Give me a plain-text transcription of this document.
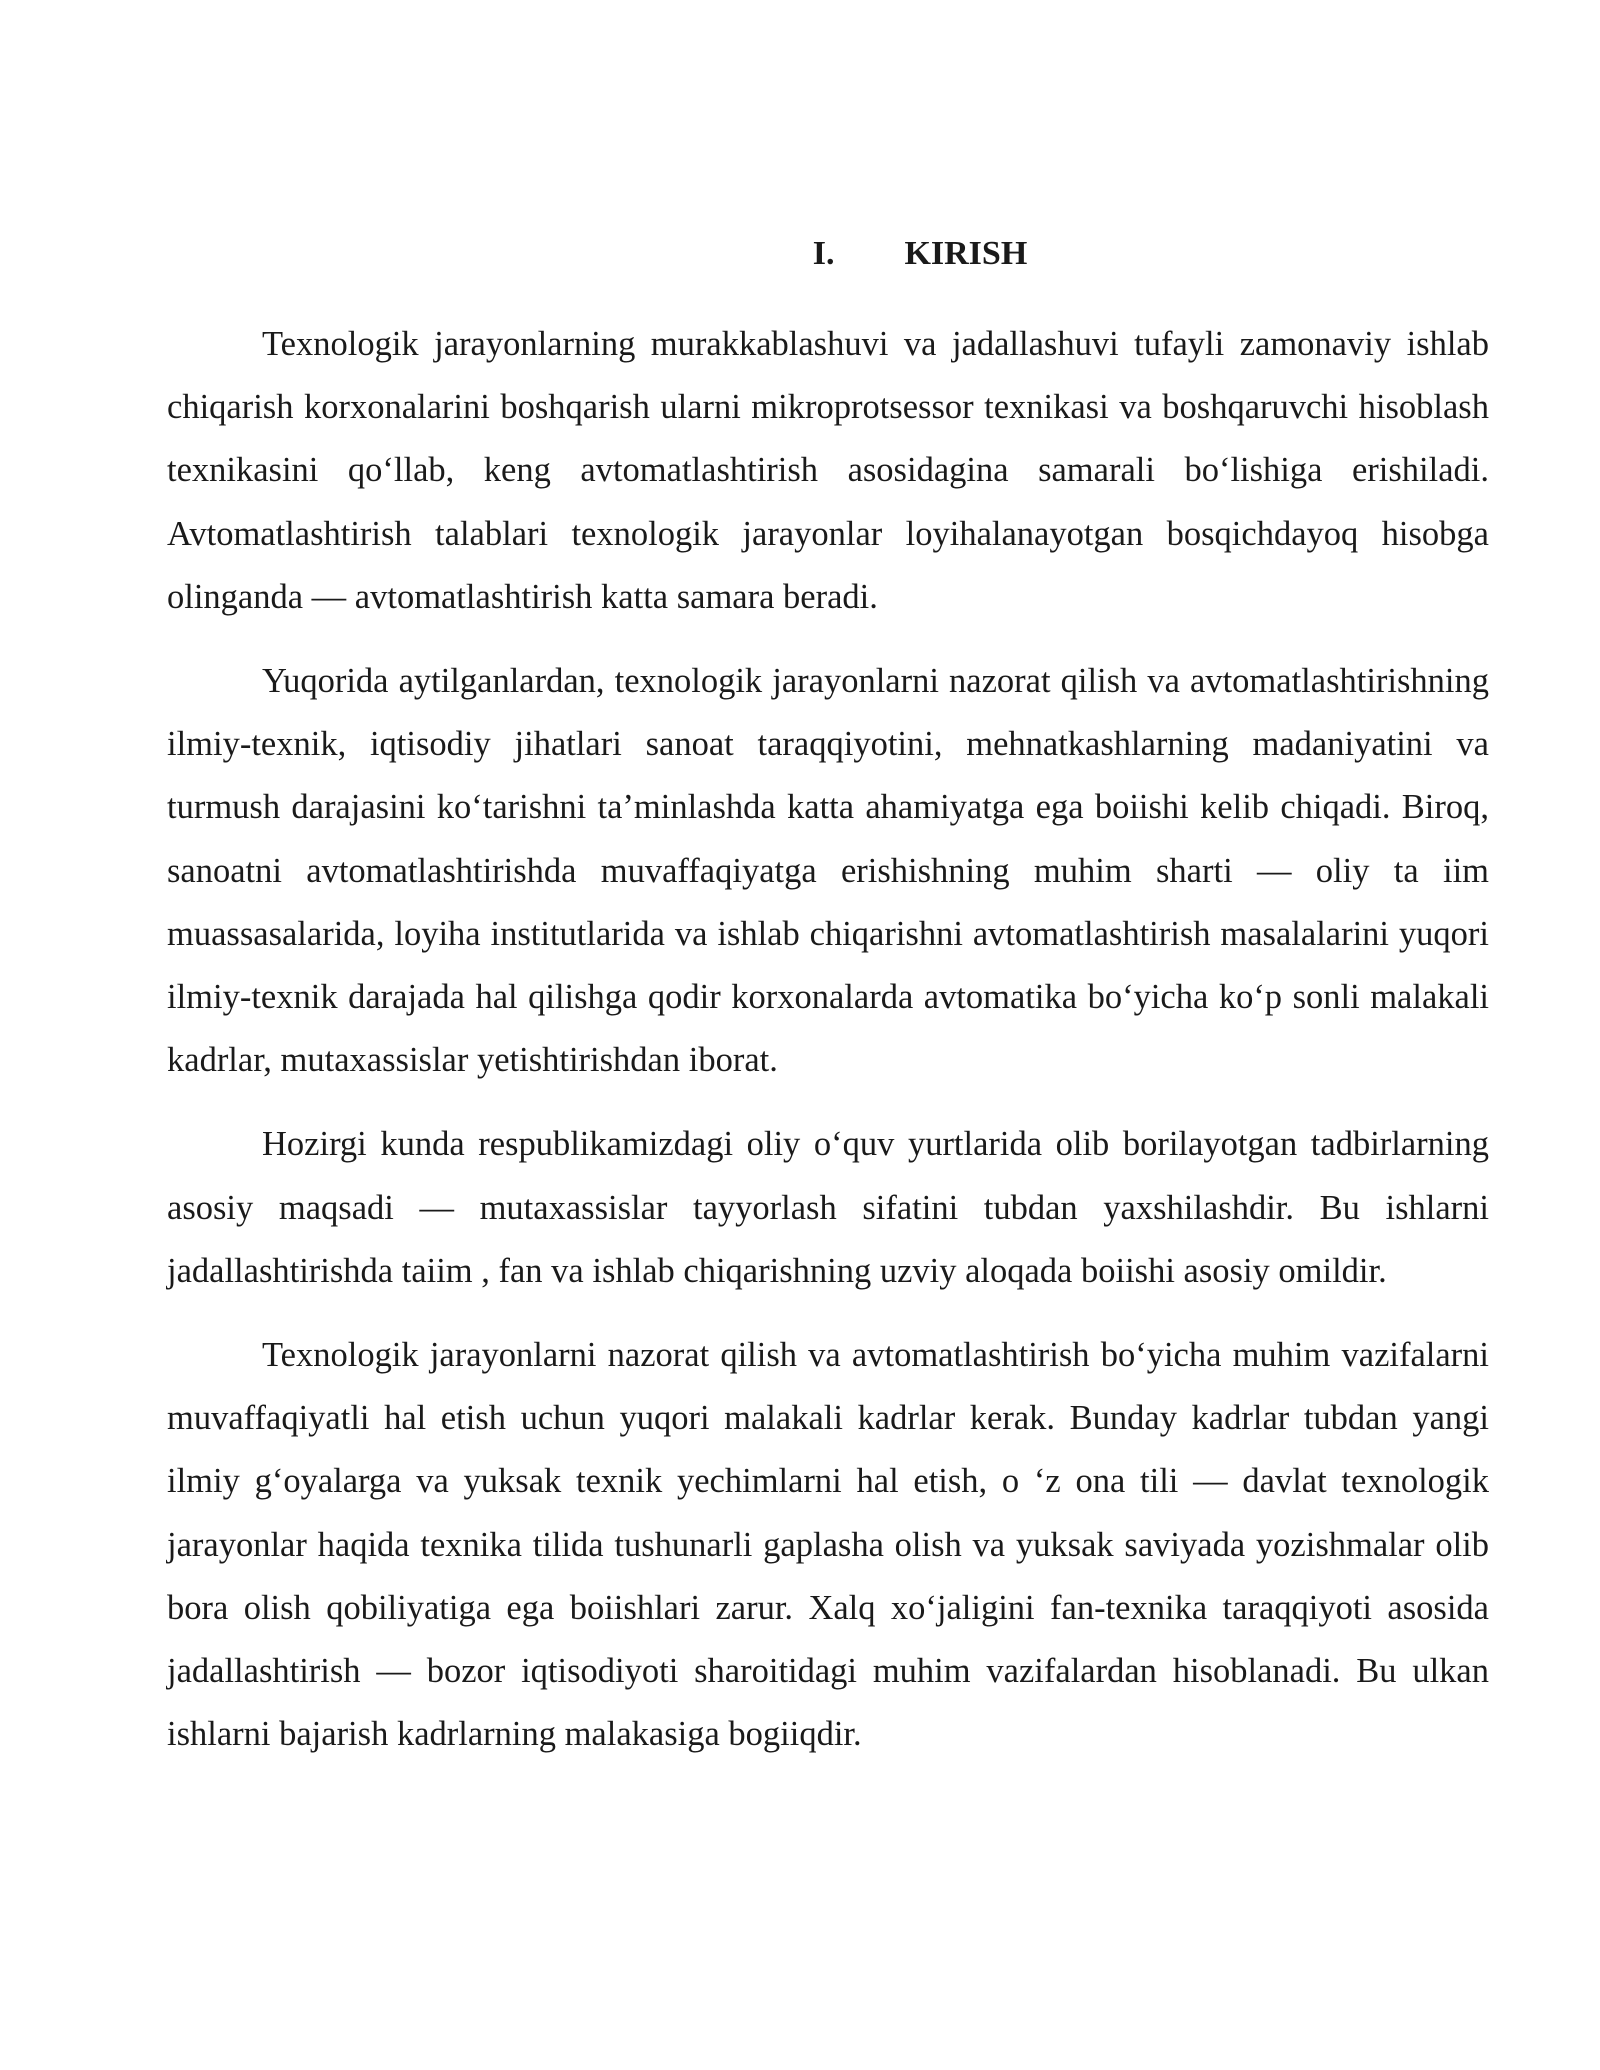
I. KIRISH

Texnologik jarayonlarning murakkablashuvi va jadallashuvi tufayli zamonaviy ishlab chiqarish korxonalarini boshqarish ularni mikroprotsessor texnikasi va boshqaruvchi hisoblash texnikasini qo‘llab, keng avtomatlashtirish asosidagina samarali bo‘lishiga erishiladi. Avtomatlashtirish talablari texnologik jarayonlar loyihalanayotgan bosqichdayoq hisobga olinganda — avtomatlashtirish katta samara beradi.

Yuqorida aytilganlardan, texnologik jarayonlarni nazorat qilish va avtomatlashtirishning ilmiy-texnik, iqtisodiy jihatlari sanoat taraqqiyotini, mehnatkashlarning madaniyatini va turmush darajasini ko‘tarishni ta’minlashda katta ahamiyatga ega boiishi kelib chiqadi. Biroq, sanoatni avtomatlashtirishda muvaffaqiyatga erishishning muhim sharti — oliy ta iim muassasalarida, loyiha institutlarida va ishlab chiqarishni avtomatlashtirish masalalarini yuqori ilmiy-texnik darajada hal qilishga qodir korxonalarda avtomatika bo‘yicha ko‘p sonli malakali kadrlar, mutaxassislar yetishtirishdan iborat.

Hozirgi kunda respublikamizdagi oliy o‘quv yurtlarida olib borilayotgan tadbirlarning asosiy maqsadi — mutaxassislar tayyorlash sifatini tubdan yaxshilashdir. Bu ishlarni jadallashtirishda taiim , fan va ishlab chiqarishning uzviy aloqada boiishi asosiy omildir.

Texnologik jarayonlarni nazorat qilish va avtomatlashtirish bo‘yicha muhim vazifalarni muvaffaqiyatli hal etish uchun yuqori malakali kadrlar kerak. Bunday kadrlar tubdan yangi ilmiy g‘oyalarga va yuksak texnik yechimlarni hal etish, o ‘z ona tili — davlat texnologik jarayonlar haqida texnika tilida tushunarli gaplasha olish va yuksak saviyada yozishmalar olib bora olish qobiliyatiga ega boiishlari zarur. Xalq xo‘jaligini fan-texnika taraqqiyoti asosida jadallashtirish — bozor iqtisodiyoti sharoitidagi muhim vazifalardan hisoblanadi. Bu ulkan ishlarni bajarish kadrlarning malakasiga bogiiqdir.
